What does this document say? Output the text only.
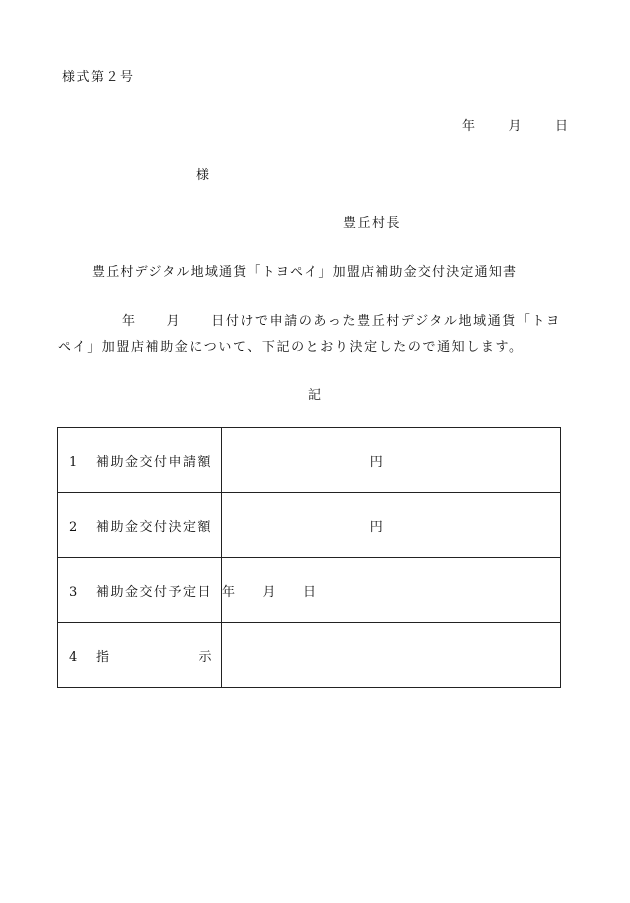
様式第２号
年 月 日
様
豊丘村長
豊丘村デジタル地域通貨「トヨペイ」加盟店補助金交付決定通知書
年 月 日付けで申請のあった豊丘村デジタル地域通貨「トヨ
ペイ」加盟店補助金について、下記のとおり決定したので通知します。
記
1 補助金交付申請額	円

2 補助金交付決定額	円

3 補助金交付予定日	年 月 日

4 指 示	
